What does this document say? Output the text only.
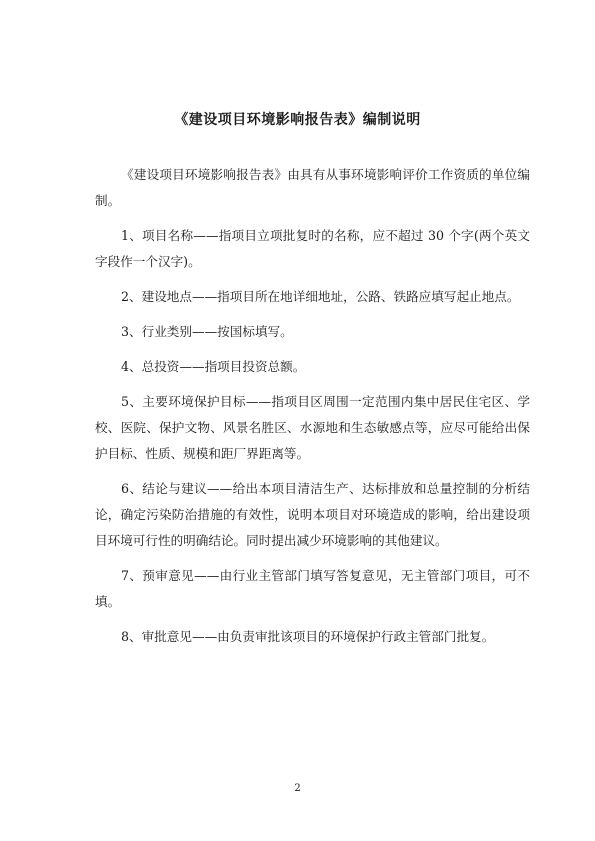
《建设项目环境影响报告表》编制说明

《建设项目环境影响报告表》由具有从事环境影响评价工作资质的单位编制。

1、项目名称——指项目立项批复时的名称，应不超过 30 个字(两个英文字段作一个汉字)。

2、建设地点——指项目所在地详细地址，公路、铁路应填写起止地点。

3、行业类别——按国标填写。

4、总投资——指项目投资总额。

5、主要环境保护目标——指项目区周围一定范围内集中居民住宅区、学校、医院、保护文物、风景名胜区、水源地和生态敏感点等，应尽可能给出保护目标、性质、规模和距厂界距离等。

6、结论与建议——给出本项目清洁生产、达标排放和总量控制的分析结论，确定污染防治措施的有效性，说明本项目对环境造成的影响，给出建设项目环境可行性的明确结论。同时提出减少环境影响的其他建议。

7、预审意见——由行业主管部门填写答复意见，无主管部门项目，可不填。

8、审批意见——由负责审批该项目的环境保护行政主管部门批复。

2
